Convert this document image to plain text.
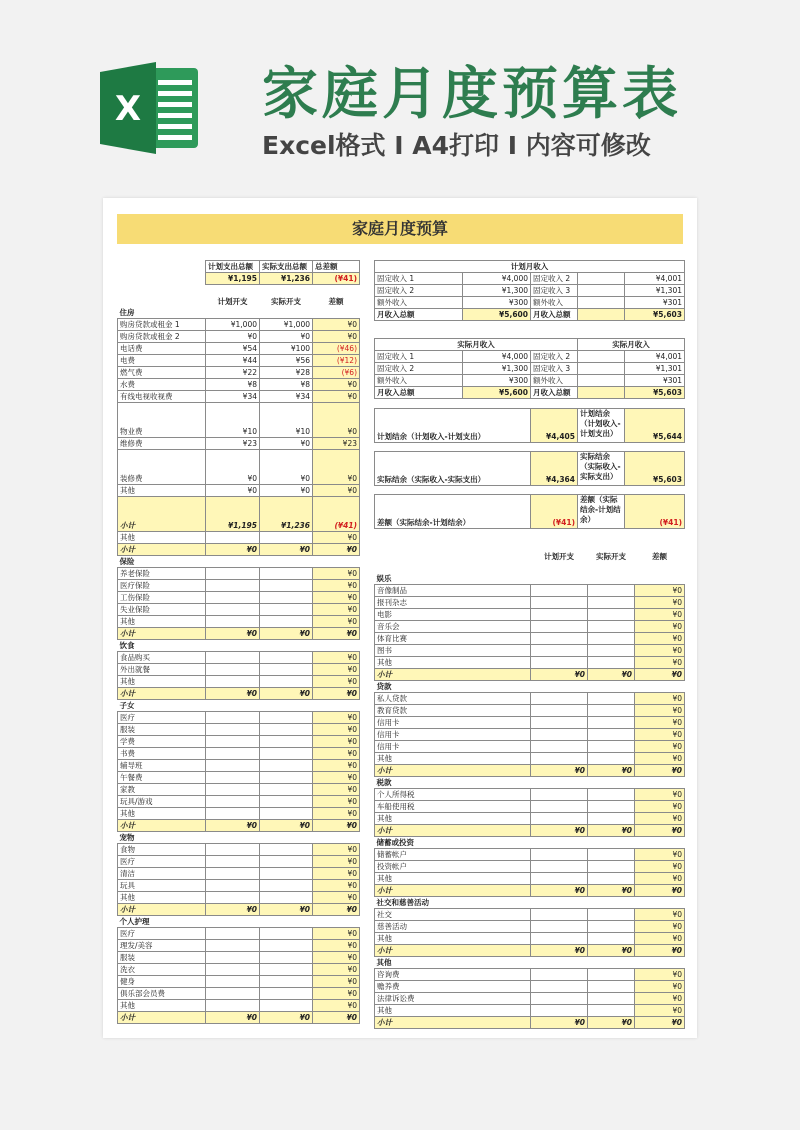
X 家庭月度预算表
Excel格式 I A4打印 I 内容可修改
家庭月度预算
	计划支出总额	实际支出总额	总差额
	¥1,195	¥1,236	(¥41)

	计划开支	实际开支	差额
住房			
购房贷款或租金 1	¥1,000	¥1,000	¥0
购房贷款或租金 2	¥0	¥0	¥0
电话费	¥54	¥100	(¥46)
电费	¥44	¥56	(¥12)
燃气费	¥22	¥28	(¥6)
水费	¥8	¥8	¥0
有线电视收视费	¥34	¥34	¥0
物业费	¥10	¥10	¥0
维修费	¥23	¥0	¥23
装修费	¥0	¥0	¥0
其他	¥0	¥0	¥0
小计	¥1,195	¥1,236	(¥41)
其他			¥0
小计	¥0	¥0	¥0
保险			
养老保险			¥0
医疗保险			¥0
工伤保险			¥0
失业保险			¥0
其他			¥0
小计	¥0	¥0	¥0
饮食			
食品购买			¥0
外出就餐			¥0
其他			¥0
小计	¥0	¥0	¥0
子女			
医疗			¥0
服装			¥0
学费			¥0
书费			¥0
辅导班			¥0
午餐费			¥0
家教			¥0
玩具/游戏			¥0
其他			¥0
小计	¥0	¥0	¥0
宠物			
食物			¥0
医疗			¥0
清洁			¥0
玩具			¥0
其他			¥0
小计	¥0	¥0	¥0
个人护理			
医疗			¥0
理发/美容			¥0
服装			¥0
洗衣			¥0
健身			¥0
俱乐部会员费			¥0
其他			¥0
小计	¥0	¥0	¥0
计划月收入				
固定收入 1	¥4,000	固定收入 2		¥4,001
固定收入 2	¥1,300	固定收入 3		¥1,301
额外收入	¥300	额外收入		¥301
月收入总额	¥5,600	月收入总额		¥5,603
实际月收入			实际月收入	
固定收入 1	¥4,000	固定收入 2		¥4,001
固定收入 2	¥1,300	固定收入 3		¥1,301
额外收入	¥300	额外收入		¥301
月收入总额	¥5,600	月收入总额		¥5,603
计划结余（计划收入-计划支出）	¥4,405	计划结余（计划收入-计划支出）	¥5,644

实际结余（实际收入-实际支出）	¥4,364	实际结余（实际收入-实际支出）	¥5,603

差额（实际结余-计划结余）	(¥41)	差额（实际结余-计划结余）	(¥41)
	计划开支	实际开支	差额

娱乐			
音像制品			¥0
报刊杂志			¥0
电影			¥0
音乐会			¥0
体育比赛			¥0
图书			¥0
其他			¥0
小计	¥0	¥0	¥0
贷款			
私人贷款			¥0
教育贷款			¥0
信用卡			¥0
信用卡			¥0
信用卡			¥0
其他			¥0
小计	¥0	¥0	¥0
税款			
个人所得税			¥0
车船使用税			¥0
其他			¥0
小计	¥0	¥0	¥0
储蓄或投资			
储蓄帐户			¥0
投资帐户			¥0
其他			¥0
小计	¥0	¥0	¥0
社交和慈善活动			
社交			¥0
慈善活动			¥0
其他			¥0
小计	¥0	¥0	¥0
其他			
咨询费			¥0
赡养费			¥0
法律诉讼费			¥0
其他			¥0
小计	¥0	¥0	¥0
